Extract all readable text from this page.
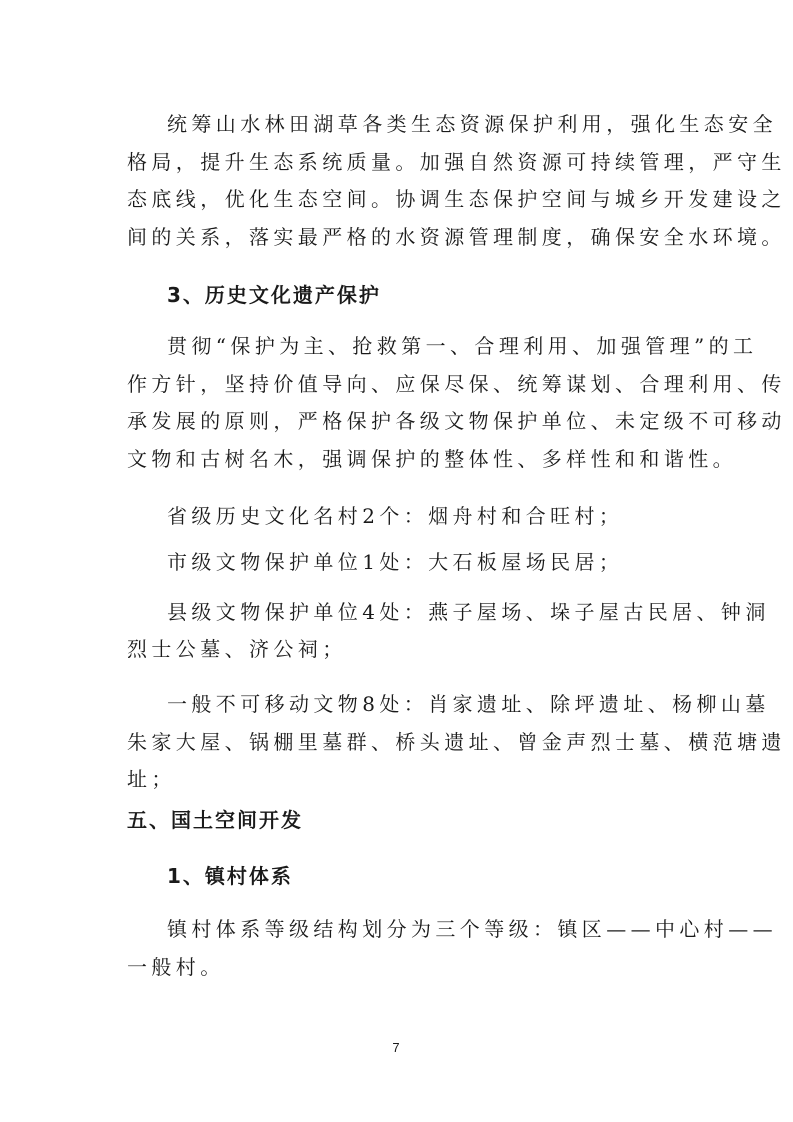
统筹山水林田湖草各类生态资源保护利用，强化生态安全
格局，提升生态系统质量。加强自然资源可持续管理，严守生
态底线，优化生态空间。协调生态保护空间与城乡开发建设之
间的关系，落实最严格的水资源管理制度，确保安全水环境。
3、历史文化遗产保护
贯彻“保护为主、抢救第一、合理利用、加强管理”的工
作方针，坚持价值导向、应保尽保、统筹谋划、合理利用、传
承发展的原则，严格保护各级文物保护单位、未定级不可移动
文物和古树名木，强调保护的整体性、多样性和和谐性。
省级历史文化名村2个：烟舟村和合旺村；
市级文物保护单位1处：大石板屋场民居；
县级文物保护单位4处：燕子屋场、垛子屋古民居、钟洞
烈士公墓、济公祠；
一般不可移动文物8处：肖家遗址、除坪遗址、杨柳山墓
朱家大屋、锅棚里墓群、桥头遗址、曾金声烈士墓、横范塘遗
址；
五、国土空间开发
1、镇村体系
镇村体系等级结构划分为三个等级：镇区——中心村——
一般村。
7
